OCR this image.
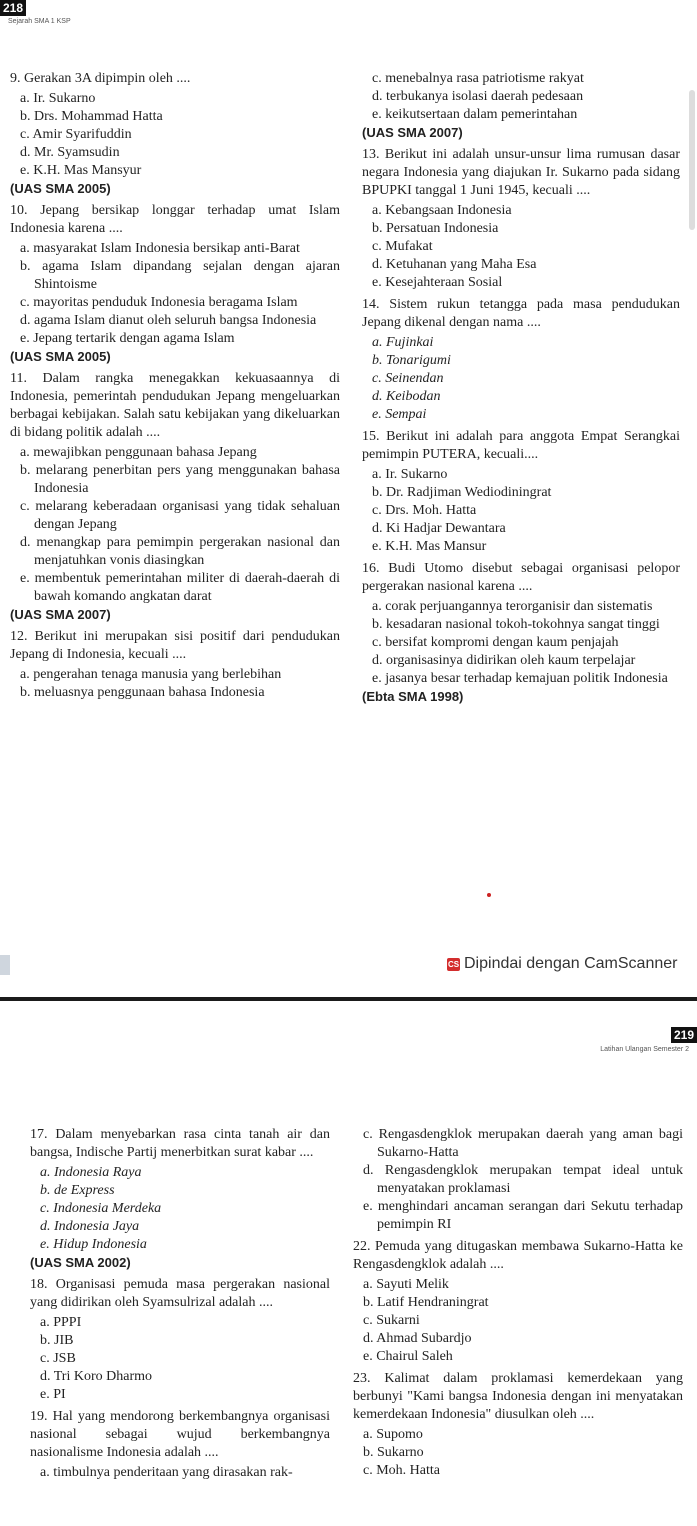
218
Sejarah SMA 1 KSP
9. Gerakan 3A dipimpin oleh ....
a. Ir. Sukarno
b. Drs. Mohammad Hatta
c. Amir Syarifuddin
d. Mr. Syamsudin
e. K.H. Mas Mansyur
(UAS SMA 2005)
10. Jepang bersikap longgar terhadap umat Islam Indonesia karena ....
a. masyarakat Islam Indonesia bersikap anti-Barat
b. agama Islam dipandang sejalan dengan ajaran Shintoisme
c. mayoritas penduduk Indonesia beragama Islam
d. agama Islam dianut oleh seluruh bangsa Indonesia
e. Jepang tertarik dengan agama Islam
(UAS SMA 2005)
11. Dalam rangka menegakkan kekuasaannya di Indonesia, pemerintah pendudukan Jepang mengeluarkan berbagai kebijakan. Salah satu kebijakan yang dikeluarkan di bidang politik adalah ....
a. mewajibkan penggunaan bahasa Jepang
b. melarang penerbitan pers yang menggunakan bahasa Indonesia
c. melarang keberadaan organisasi yang tidak sehaluan dengan Jepang
d. menangkap para pemimpin pergerakan nasional dan menjatuhkan vonis diasingkan
e. membentuk pemerintahan militer di daerah-daerah di bawah komando angkatan darat
(UAS SMA 2007)
12. Berikut ini merupakan sisi positif dari pendudukan Jepang di Indonesia, kecuali ....
a. pengerahan tenaga manusia yang berlebihan
b. meluasnya penggunaan bahasa Indonesia
c. menebalnya rasa patriotisme rakyat
d. terbukanya isolasi daerah pedesaan
e. keikutsertaan dalam pemerintahan
(UAS SMA 2007)
13. Berikut ini adalah unsur-unsur lima rumusan dasar negara Indonesia yang diajukan Ir. Sukarno pada sidang BPUPKI tanggal 1 Juni 1945, kecuali ....
a. Kebangsaan Indonesia
b. Persatuan Indonesia
c. Mufakat
d. Ketuhanan yang Maha Esa
e. Kesejahteraan Sosial
14. Sistem rukun tetangga pada masa pendudukan Jepang dikenal dengan nama ....
a. Fujinkai
b. Tonarigumi
c. Seinendan
d. Keibodan
e. Sempai
15. Berikut ini adalah para anggota Empat Serangkai pemimpin PUTERA, kecuali....
a. Ir. Sukarno
b. Dr. Radjiman Wediodiningrat
c. Drs. Moh. Hatta
d. Ki Hadjar Dewantara
e. K.H. Mas Mansur
16. Budi Utomo disebut sebagai organisasi pelopor pergerakan nasional karena ....
a. corak perjuangannya terorganisir dan sistematis
b. kesadaran nasional tokoh-tokohnya sangat tinggi
c. bersifat kompromi dengan kaum penjajah
d. organisasinya didirikan oleh kaum terpelajar
e. jasanya besar terhadap kemajuan politik Indonesia
(Ebta SMA 1998)
CS Dipindai dengan CamScanner
219
Latihan Ulangan Semester 2
17. Dalam menyebarkan rasa cinta tanah air dan bangsa, Indische Partij menerbitkan surat kabar ....
a. Indonesia Raya
b. de Express
c. Indonesia Merdeka
d. Indonesia Jaya
e. Hidup Indonesia
(UAS SMA 2002)
18. Organisasi pemuda masa pergerakan nasional yang didirikan oleh Syamsulrizal adalah ....
a. PPPI
b. JIB
c. JSB
d. Tri Koro Dharmo
e. PI
19. Hal yang mendorong berkembangnya organisasi nasional sebagai wujud berkembangnya nasionalisme Indonesia adalah ....
a. timbulnya penderitaan yang dirasakan rak-
c. Rengasdengklok merupakan daerah yang aman bagi Sukarno-Hatta
d. Rengasdengklok merupakan tempat ideal untuk menyatakan proklamasi
e. menghindari ancaman serangan dari Sekutu terhadap pemimpin RI
22. Pemuda yang ditugaskan membawa Sukarno-Hatta ke Rengasdengklok adalah ....
a. Sayuti Melik
b. Latif Hendraningrat
c. Sukarni
d. Ahmad Subardjo
e. Chairul Saleh
23. Kalimat dalam proklamasi kemerdekaan yang berbunyi "Kami bangsa Indonesia dengan ini menyatakan kemerdekaan Indonesia" diusulkan oleh ....
a. Supomo
b. Sukarno
c. Moh. Hatta
